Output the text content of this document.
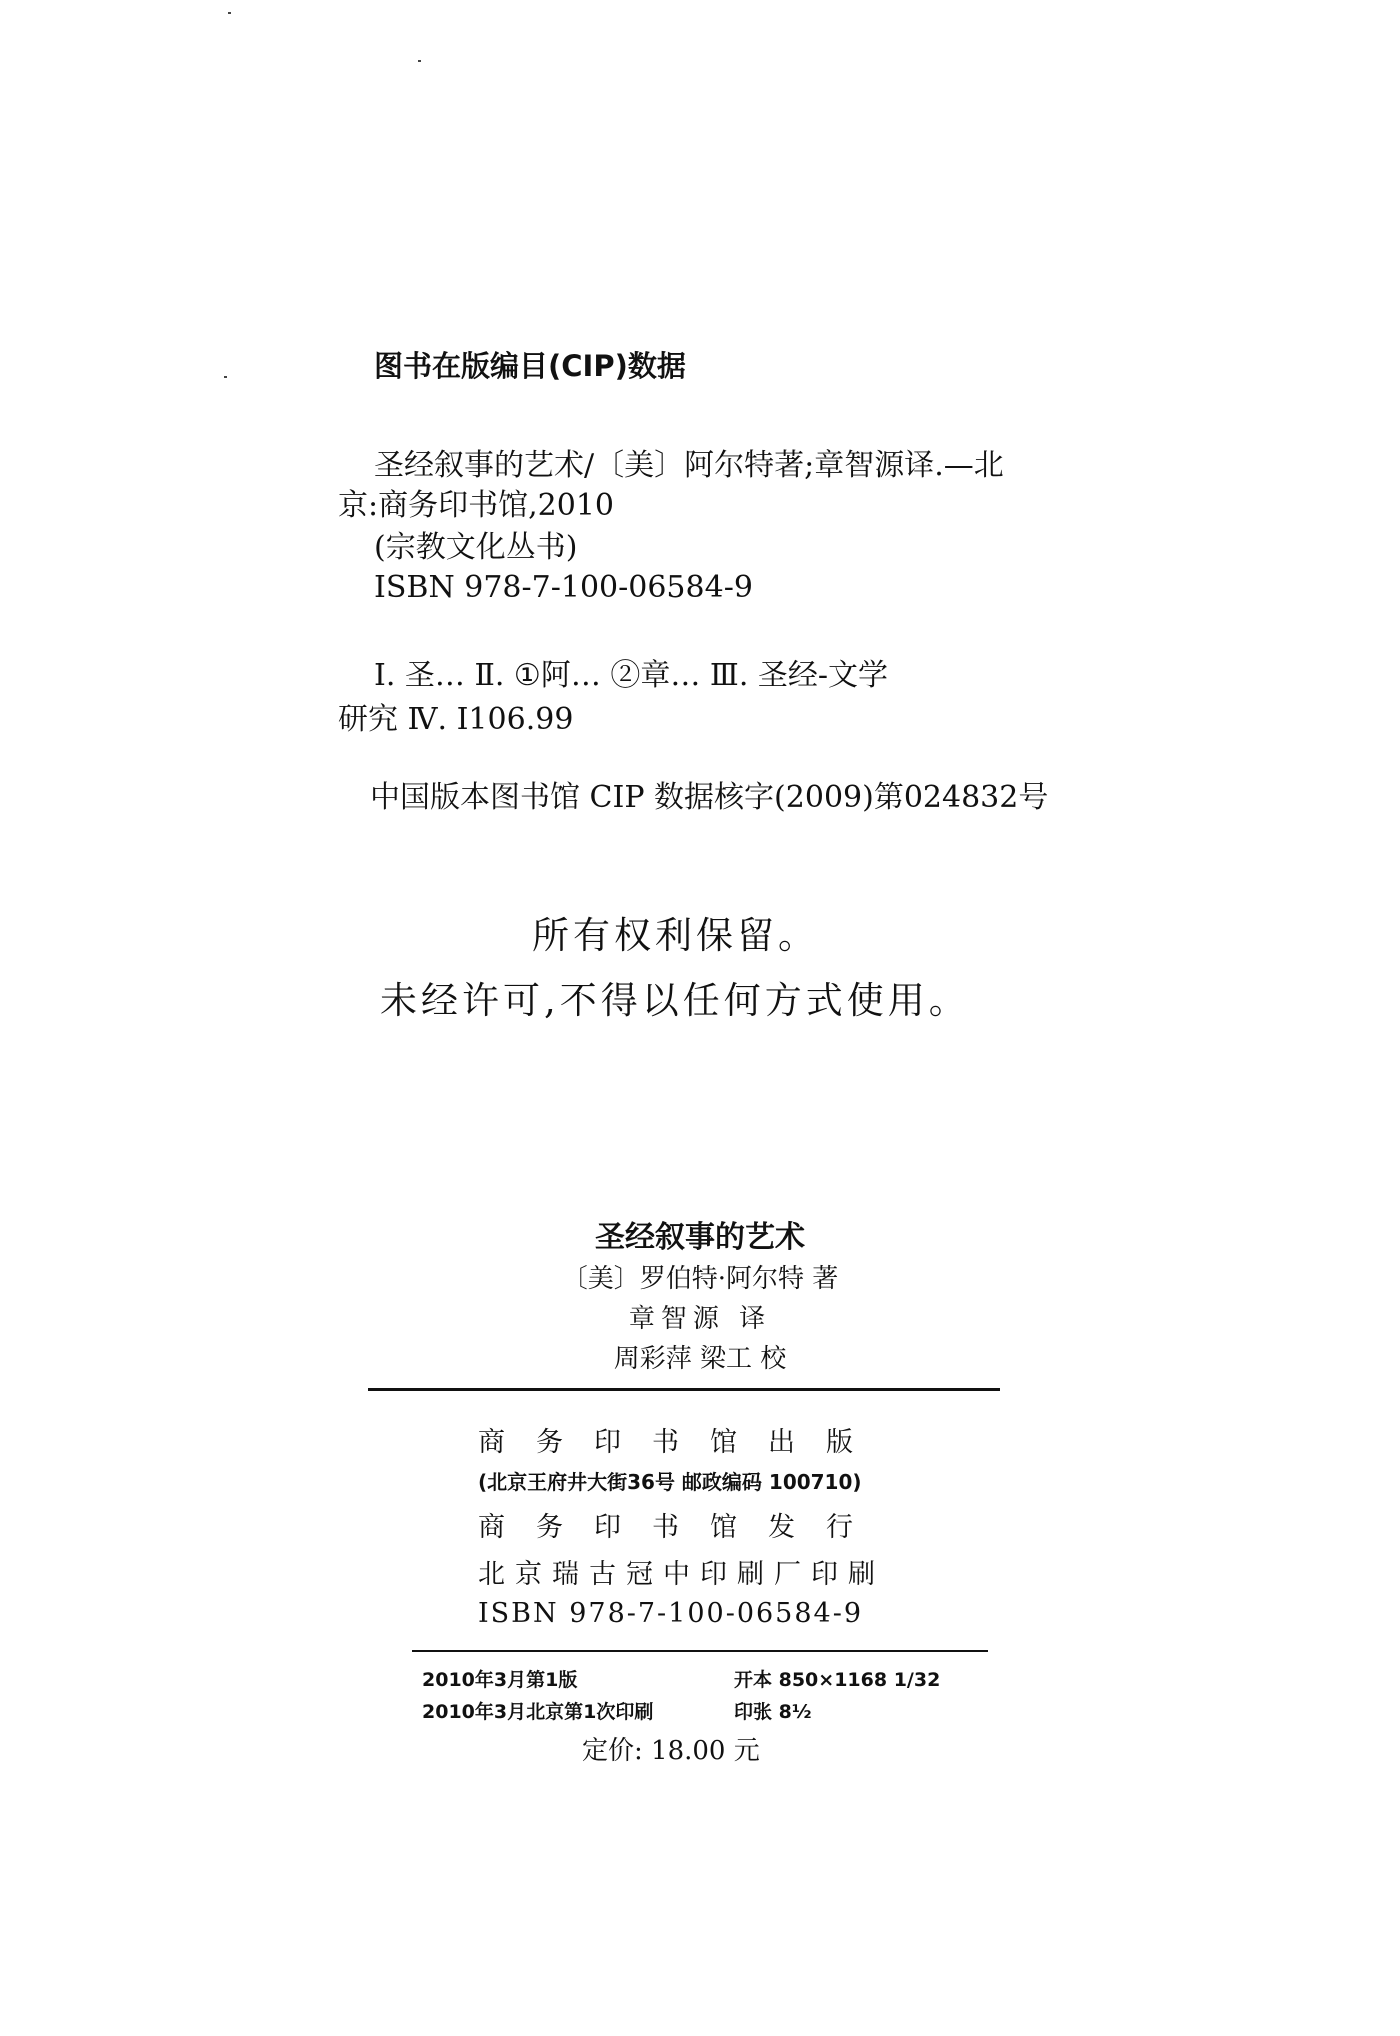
图书在版编目(CIP)数据
圣经叙事的艺术/〔美〕阿尔特著;章智源译.—北
京:商务印书馆,2010
(宗教文化丛书)
ISBN 978-7-100-06584-9
Ⅰ. 圣… Ⅱ. ①阿… ②章… Ⅲ. 圣经-文学
研究 Ⅳ. I106.99
中国版本图书馆 CIP 数据核字(2009)第024832号
所有权利保留。
未经许可,不得以任何方式使用。
圣经叙事的艺术
〔美〕罗伯特·阿尔特 著
章智源 译
周彩萍 梁工 校
商务印书馆出版
(北京王府井大街36号 邮政编码 100710)
商务印书馆发行
北京瑞古冠中印刷厂印刷
ISBN 978-7-100-06584-9
2010年3月第1版
2010年3月北京第1次印刷
开本 850×1168 1/32
印张 8½
定价: 18.00 元
